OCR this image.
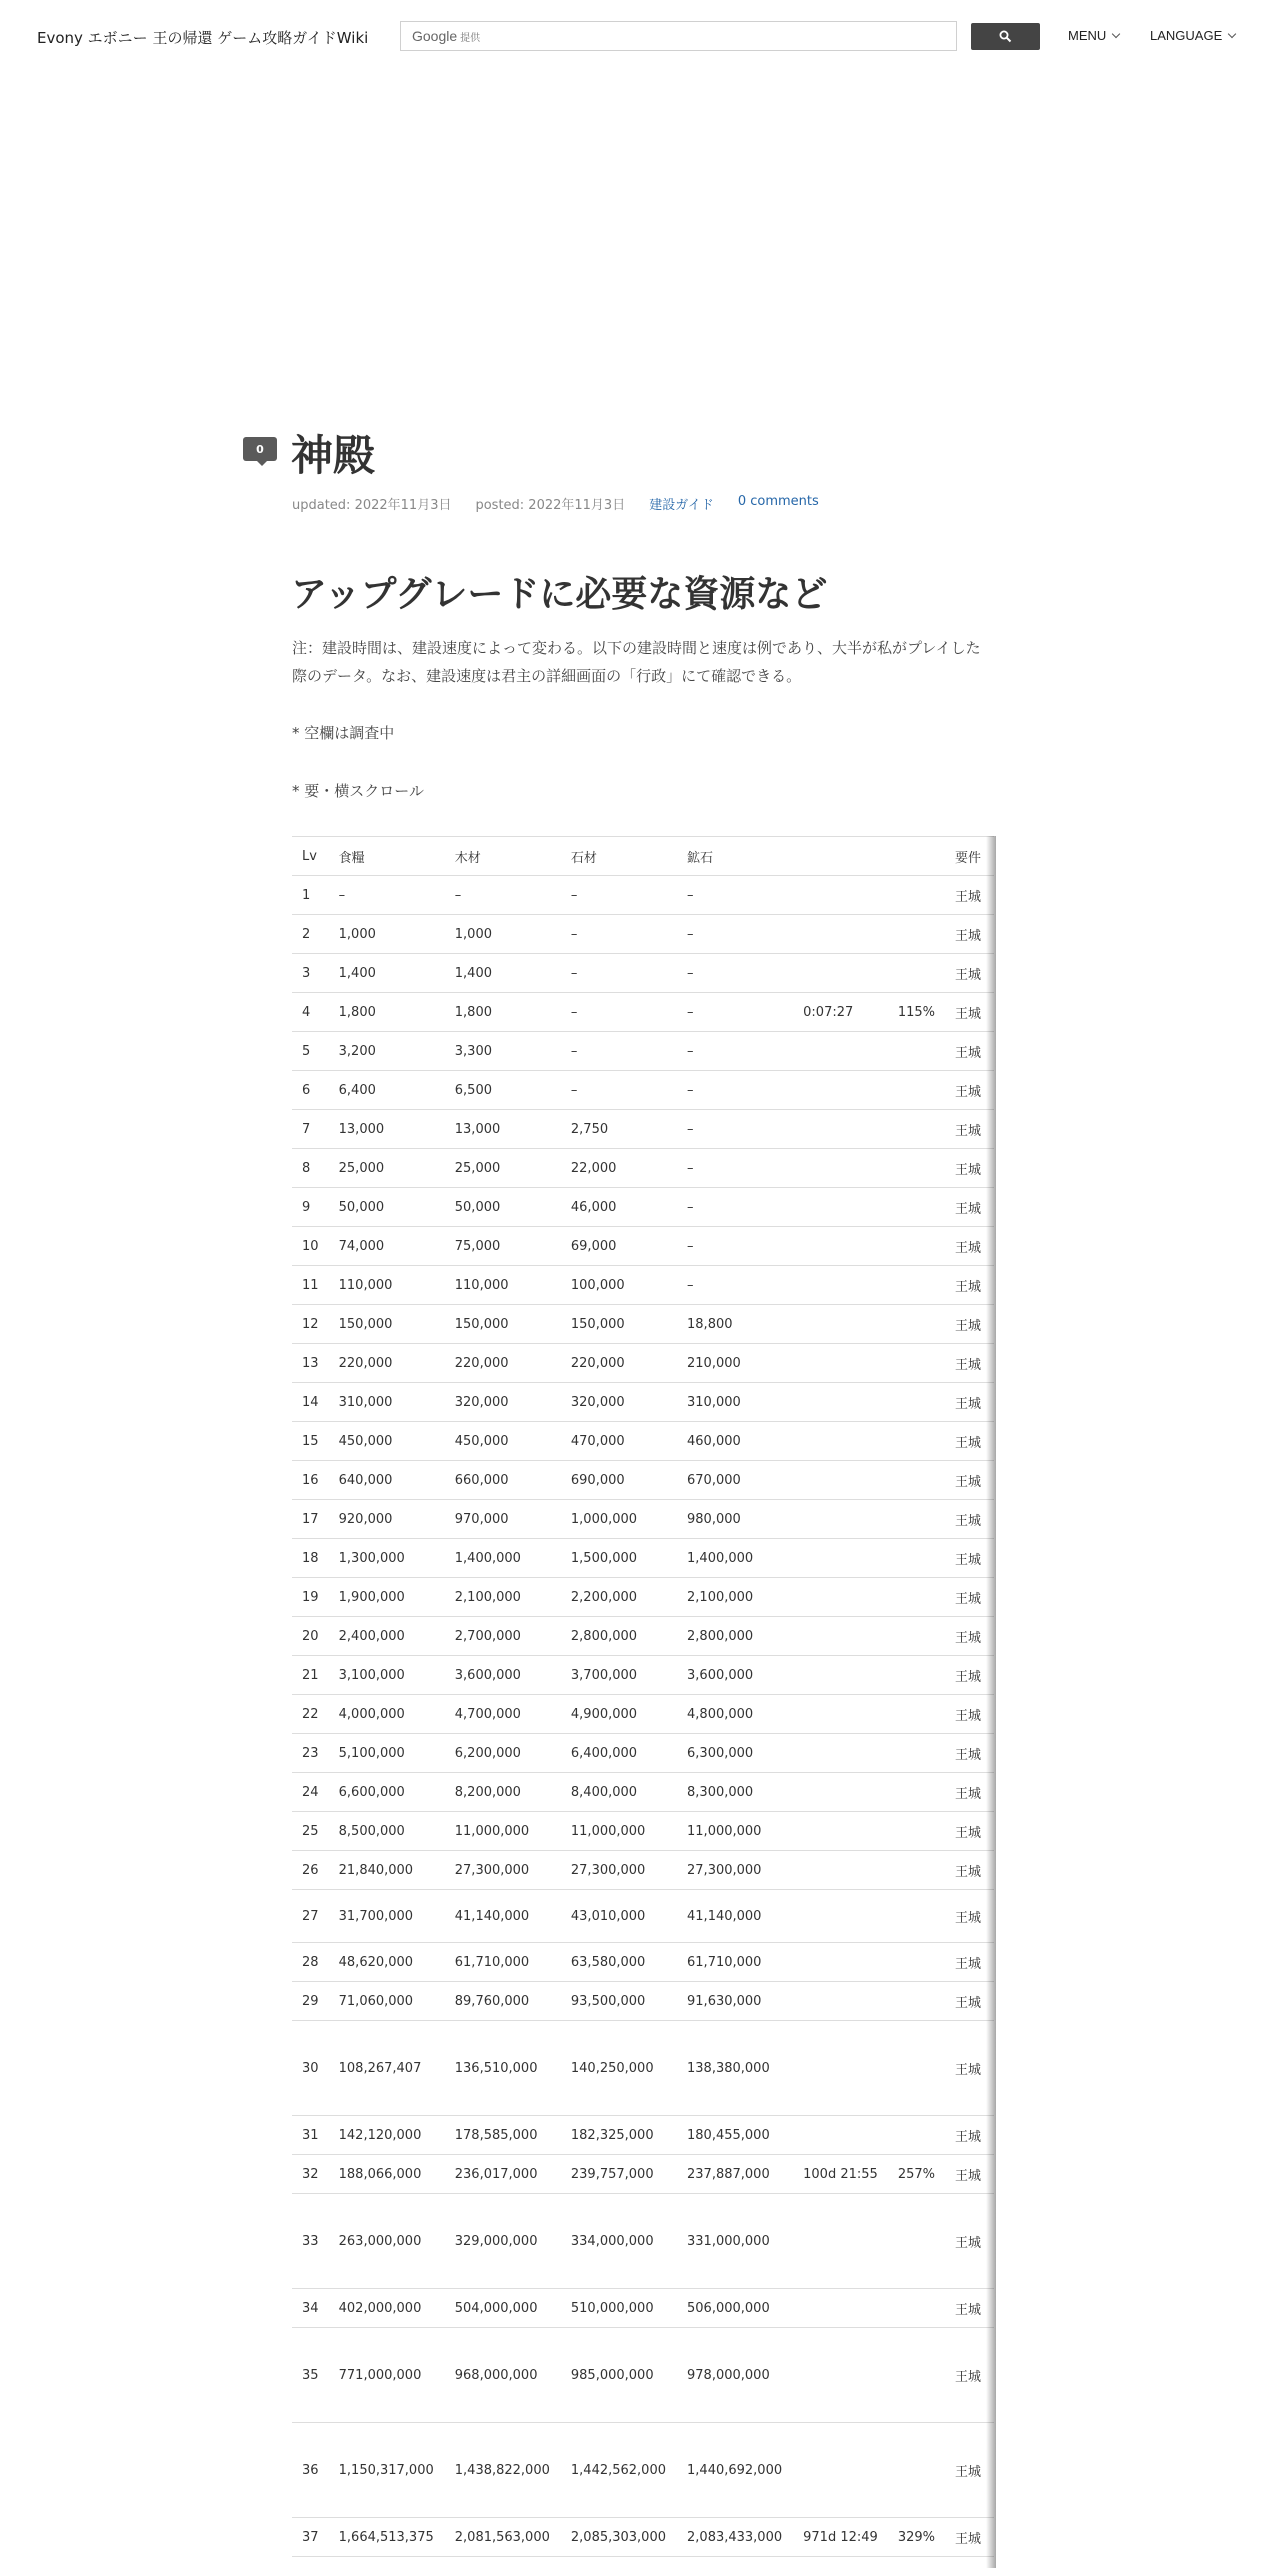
Evony エボニー 王の帰還 ゲーム攻略ガイドWiki	Google 提供	MENU	LANGUAGE
0 神殿
updated: 2022年11月3日 posted: 2022年11月3日 建設ガイド 0 comments
アップグレードに必要な資源など

注：建設時間は、建設速度によって変わる。以下の建設時間と速度は例であり、大半が私がプレイした際のデータ。なお、建設速度は君主の詳細画面の「行政」にて確認できる。

* 空欄は調査中

* 要・横スクロール

Lv	食糧	木材	石材	鉱石			要件
1	–	–	–	–			王城
2	1,000	1,000	–	–			王城
3	1,400	1,400	–	–			王城
4	1,800	1,800	–	–	0:07:27	115%	王城
5	3,200	3,300	–	–			王城
6	6,400	6,500	–	–			王城
7	13,000	13,000	2,750	–			王城
8	25,000	25,000	22,000	–			王城
9	50,000	50,000	46,000	–			王城
10	74,000	75,000	69,000	–			王城
11	110,000	110,000	100,000	–			王城
12	150,000	150,000	150,000	18,800			王城
13	220,000	220,000	220,000	210,000			王城
14	310,000	320,000	320,000	310,000			王城
15	450,000	450,000	470,000	460,000			王城
16	640,000	660,000	690,000	670,000			王城
17	920,000	970,000	1,000,000	980,000			王城
18	1,300,000	1,400,000	1,500,000	1,400,000			王城
19	1,900,000	2,100,000	2,200,000	2,100,000			王城
20	2,400,000	2,700,000	2,800,000	2,800,000			王城
21	3,100,000	3,600,000	3,700,000	3,600,000			王城
22	4,000,000	4,700,000	4,900,000	4,800,000			王城
23	5,100,000	6,200,000	6,400,000	6,300,000			王城
24	6,600,000	8,200,000	8,400,000	8,300,000			王城
25	8,500,000	11,000,000	11,000,000	11,000,000			王城
26	21,840,000	27,300,000	27,300,000	27,300,000			王城
27	31,700,000	41,140,000	43,010,000	41,140,000			王城
28	48,620,000	61,710,000	63,580,000	61,710,000			王城
29	71,060,000	89,760,000	93,500,000	91,630,000			王城
30	108,267,407	136,510,000	140,250,000	138,380,000			王城
31	142,120,000	178,585,000	182,325,000	180,455,000			王城
32	188,066,000	236,017,000	239,757,000	237,887,000	100d 21:55	257%	王城
33	263,000,000	329,000,000	334,000,000	331,000,000			王城
34	402,000,000	504,000,000	510,000,000	506,000,000			王城
35	771,000,000	968,000,000	985,000,000	978,000,000			王城
36	1,150,317,000	1,438,822,000	1,442,562,000	1,440,692,000			王城
37	1,664,513,375	2,081,563,000	2,085,303,000	2,083,433,000	971d 12:49	329%	王城
